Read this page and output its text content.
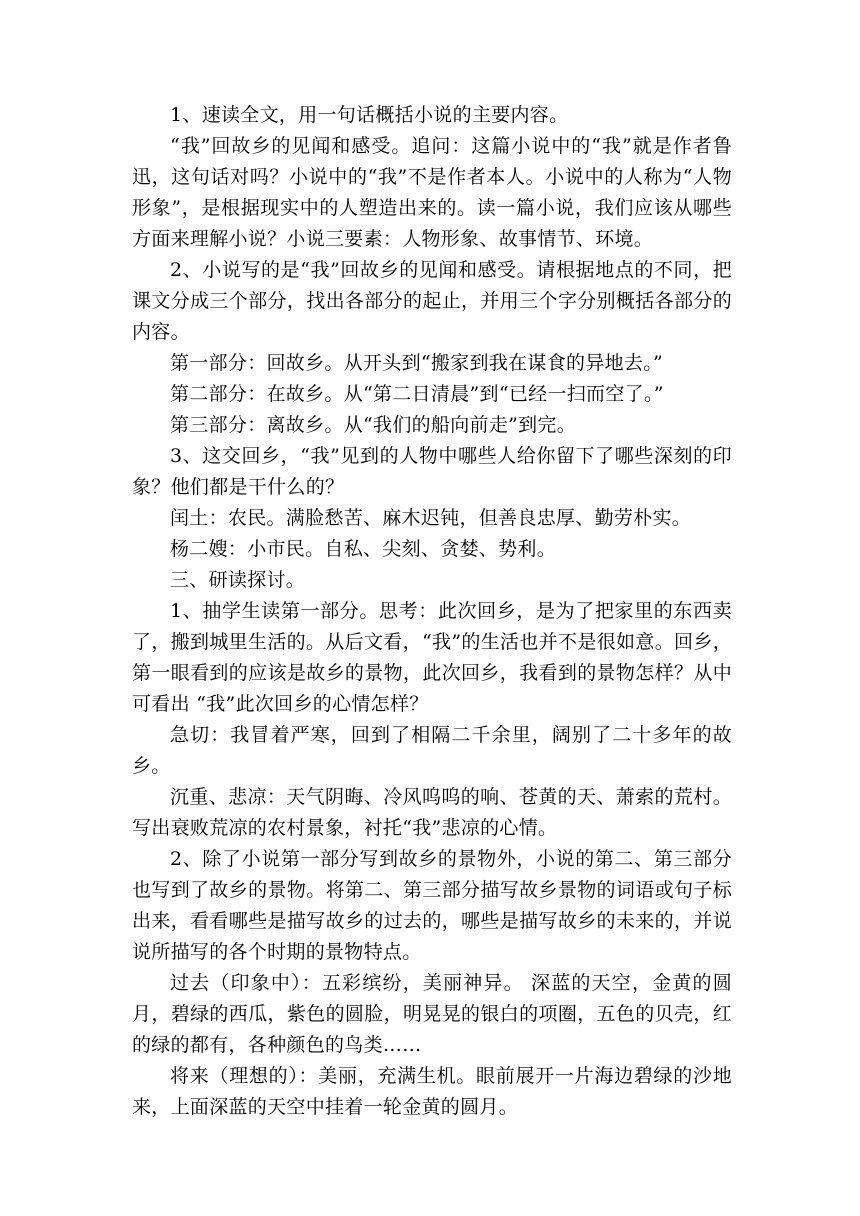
1、速读全文，用一句话概括小说的主要内容。

“我”回故乡的见闻和感受。追问：这篇小说中的“我”就是作者鲁迅，这句话对吗？小说中的“我”不是作者本人。小说中的人称为“人物形象”，是根据现实中的人塑造出来的。读一篇小说，我们应该从哪些方面来理解小说？小说三要素：人物形象、故事情节、环境。

2、小说写的是“我”回故乡的见闻和感受。请根据地点的不同，把课文分成三个部分，找出各部分的起止，并用三个字分别概括各部分的内容。

第一部分：回故乡。从开头到“搬家到我在谋食的异地去。”

第二部分：在故乡。从“第二日清晨”到“已经一扫而空了。”

第三部分：离故乡。从“我们的船向前走”到完。

3、这交回乡，“我”见到的人物中哪些人给你留下了哪些深刻的印象？他们都是干什么的？

闰土：农民。满脸愁苦、麻木迟钝，但善良忠厚、勤劳朴实。

杨二嫂：小市民。自私、尖刻、贪婪、势利。

三、研读探讨。

1、抽学生读第一部分。思考：此次回乡，是为了把家里的东西卖了，搬到城里生活的。从后文看，“我”的生活也并不是很如意。回乡，第一眼看到的应该是故乡的景物，此次回乡，我看到的景物怎样？从中可看出 “我”此次回乡的心情怎样？

急切：我冒着严寒，回到了相隔二千余里，阔别了二十多年的故乡。

沉重、悲凉：天气阴晦、冷风呜呜的响、苍黄的天、萧索的荒村。写出衰败荒凉的农村景象，衬托“我”悲凉的心情。

2、除了小说第一部分写到故乡的景物外，小说的第二、第三部分也写到了故乡的景物。将第二、第三部分描写故乡景物的词语或句子标出来，看看哪些是描写故乡的过去的，哪些是描写故乡的未来的，并说说所描写的各个时期的景物特点。

过去（印象中）：五彩缤纷，美丽神异。 深蓝的天空，金黄的圆月，碧绿的西瓜，紫色的圆脸，明晃晃的银白的项圈，五色的贝壳，红的绿的都有，各种颜色的鸟类……

将来（理想的）：美丽，充满生机。眼前展开一片海边碧绿的沙地来，上面深蓝的天空中挂着一轮金黄的圆月。
